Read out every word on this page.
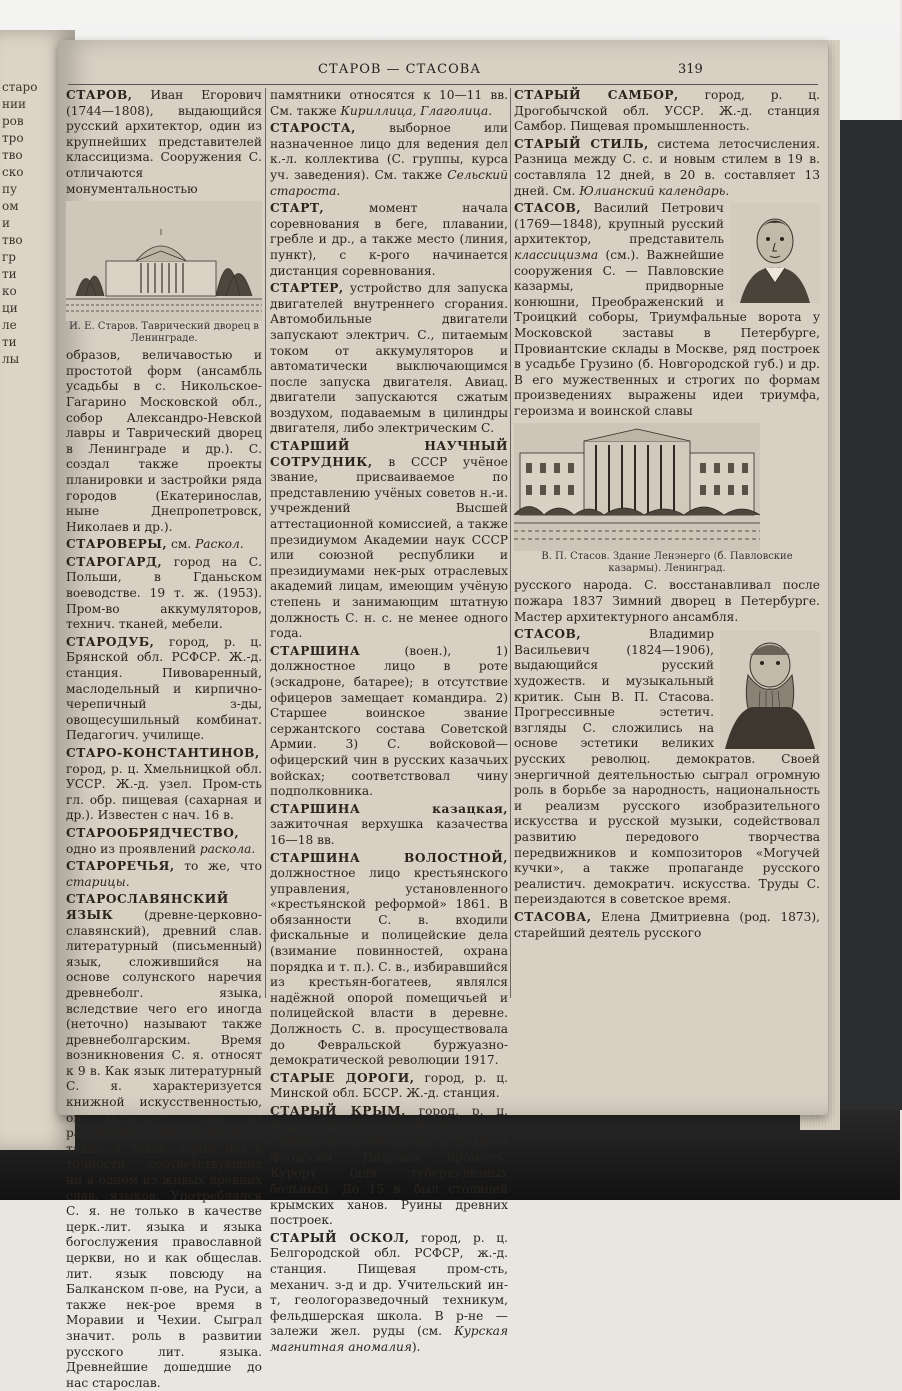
старо
нии
ров
тро
тво
ско
пу
ом
и
тво
гр
ти
ко
ци
ле
ти
лы
СТАРОВ — СТАСОВА	319

СТАРОВ, Иван Егорович (1744—1808), выдающийся русский архитектор, один из крупнейших представителей классицизма. Сооружения С. отличаются монументальностью

И. Е. Старов. Таврический дворец в Ленинграде.

образов, величавостью и простотой форм (ансамбль усадьбы в с. Никольское-Гагарино Московской обл., собор Александро-Невской лавры и Таврический дворец в Ленинграде и др.). С. создал также проекты планировки и застройки ряда городов (Екатеринослав, ныне Днепропетровск, Николаев и др.).

СТАРОВЕРЫ, см. Раскол.

СТАРОГАРД, город на С. Польши, в Гданьском воеводстве. 19 т. ж. (1953). Пром-во аккумуляторов, технич. тканей, мебели.

СТАРОДУБ, город, р. ц. Брянской обл. РСФСР. Ж.-д. станция. Пивоваренный, маслодельный и кирпично-черепичный з-ды, овощесушильный комбинат. Педагогич. училище.

СТАРО-КОНСТАНТИНОВ, город, р. ц. Хмельницкой обл. УССР. Ж.-д. узел. Пром-сть гл. обр. пищевая (сахарная и др.). Известен с нач. 16 в.

СТАРООБРЯДЧЕСТВО, одно из проявлений раскола.

СТАРОРЕЧЬЯ, то же, что старицы.

СТАРОСЛАВЯНСКИЙ ЯЗЫК	(древне-церковно-славянский), древний слав. литературный (письменный) язык, сложившийся на основе солунского наречия древнеболг. языка, вследствие чего его иногда (неточно) называют также древнеболгарским. Время возникновения С. я. относят к 9 в. Как язык литературный С. я. характеризуется книжной искусственностью, он включает слова из различных слав. языков, а также и такие, к-рым нет в точности соответствующих ни в одном из живых древних слав. языков. Употреблялся С. я. не только в качестве церк.-лит. языка и языка богослужения православной церкви, но и как общеслав. лит. язык повсюду на Балканском п-ове, на Руси, а также нек-рое время в Моравии и Чехии. Сыграл значит. роль в развитии русского лит. языка. Древнейшие дошедшие до нас старослав.

памятники относятся к 10—11 вв. См. также Кириллица, Глаголица.

СТАРОСТА,	выборное или назначенное лицо для ведения дел к.-л. коллектива (С. группы, курса уч. заведения). См. также Сельский староста.

СТАРТ,	момент начала соревнования в беге, плавании, гребле и др., а также место (линия, пункт), с к-рого начинается дистанция соревнования.

СТАРТЕР, устройство для запуска двигателей внутреннего сгорания. Автомобильные двигатели запускают электрич. С., питаемым током от аккумуляторов и автоматически выключающимся после запуска двигателя. Авиац. двигатели запускаются сжатым воздухом, подаваемым в цилиндры двигателя, либо электрическим С.

СТАРШИЙ НАУЧНЫЙ СОТРУДНИК, в СССР учёное звание, присваиваемое по представлению учёных советов н.-и. учреждений Высшей аттестационной комиссией, а также президиумом Академии наук СССР или союзной республики и президиумами нек-рых отраслевых академий лицам, имеющим учёную степень и занимающим штатную должность С. н. с. не менее одного года.

СТАРШИНА	(воен.), 1) должностное лицо в роте (эскадроне, батарее); в отсутствие офицеров замещает командира. 2) Старшее воинское звание сержантского состава Советской Армии. 3) С. войсковой—офицерский чин в русских казачьих войсках; соответствовал чину подполковника.

СТАРШИНА казацкая, зажиточная верхушка казачества 16—18 вв.

СТАРШИНА ВОЛОСТНОЙ, должностное лицо крестьянского управления, установленного «крестьянской реформой» 1861. В обязанности С. в. входили фискальные и полицейские дела (взимание повинностей, охрана порядка и т. п.). С. в., избиравшийся из крестьян-богатеев, являлся надёжной опорой помещичьей и полицейской власти в деревне. Должность С. в. просуществовала до Февральской буржуазно-демократической революции 1917.

СТАРЫЕ ДОРОГИ, город, р. ц. Минской обл. БССР. Ж.-д. станция.

СТАРЫЙ КРЫМ, город, р. ц. Крымской обл. УССР, на шоссе Симферополь—Феодосия, в 25 км от Феодосии. Пищевая пром-сть. Курорт (для туберкулёзных больных). До 15 в. был столицей крымских ханов. Руины древних построек.

СТАРЫЙ ОСКОЛ, город, р. ц. Белгородской обл. РСФСР, ж.-д. станция. Пищевая пром-сть, механич. з-д и др. Учительский ин-т, геологоразведочный техникум, фельдшерская школа. В р-не — залежи жел. руды (см. Курская магнитная аномалия).

СТАРЫЙ САМБОР, город, р. ц. Дрогобычской обл. УССР. Ж.-д. станция Самбор. Пищевая промышленность.

СТАРЫЙ СТИЛЬ, система летосчисления. Разница между С. с. и новым стилем в 19 в. составляла 12 дней, в 20 в. составляет 13 дней. См. Юлианский календарь.

СТАСОВ, Василий Петрович (1769—1848), крупный русский архитектор, представитель классицизма (см.). Важнейшие сооружения С. — Павловские казармы, придворные конюшни, Преображенский и Троицкий соборы, Триумфальные ворота у Московской заставы в Петербурге, Провиантские склады в Москве, ряд построек в усадьбе Грузино (б. Новгородской губ.) и др. В его мужественных и строгих по формам произведениях выражены идеи триумфа, героизма и воинской славы

В. П. Стасов. Здание Ленэнерго (б. Павловские казармы). Ленинград.

русского народа. С. восстанавливал после пожара 1837 Зимний дворец в Петербурге. Мастер архитектурного ансамбля.

СТАСОВ,	Владимир Васильевич (1824—1906), выдающийся русский художеств. и музыкальный критик. Сын В. П. Стасова. Прогрессивные эстетич. взгляды С. сложились на основе эстетики великих русских революц. демократов. Своей энергичной деятельностью сыграл огромную роль в борьбе за народность, национальность и реализм русского изобразительного искусства и русской музыки, содействовал развитию передового творчества передвижников и композиторов «Могучей кучки», а также пропаганде русского реалистич. демократич. искусства. Труды С. переиздаются в советское время.

СТАСОВА, Елена Дмитриевна (род. 1873), старейший деятель русского
